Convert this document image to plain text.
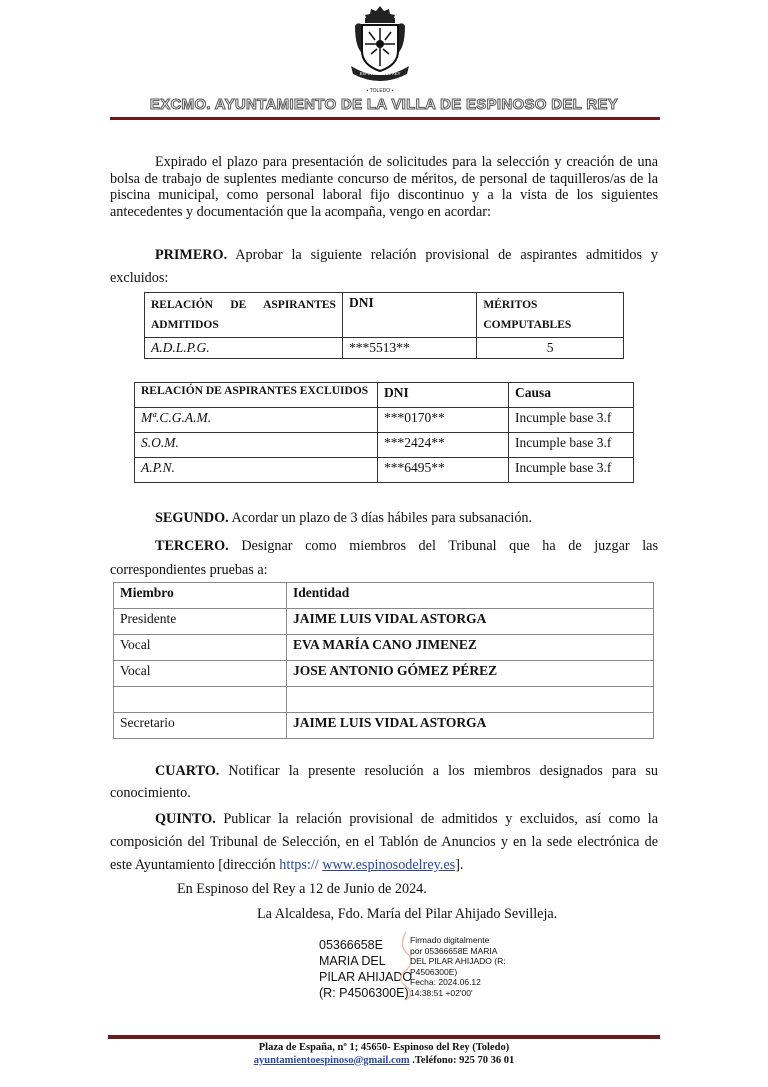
ESPINOSO DEL REY
• TOLEDO •
EXCMO. AYUNTAMIENTO DE LA VILLA DE ESPINOSO DEL REY

Expirado el plazo para presentación de solicitudes para la selección y creación de una bolsa de trabajo de suplentes mediante concurso de méritos, de personal de taquilleros/as de la piscina municipal, como personal laboral fijo discontinuo y a la vista de los siguientes antecedentes y documentación que la acompaña, vengo en acordar:

PRIMERO. Aprobar la siguiente relación provisional de aspirantes admitidos y excluidos:

RELACIÓN DE ASPIRANTES ADMITIDOS	DNI	MÉRITOS COMPUTABLES
A.D.L.P.G.	***5513**	5
RELACIÓN DE ASPIRANTES EXCLUIDOS	DNI	Causa
Mª.C.G.A.M.	***0170**	Incumple base 3.f
S.O.M.	***2424**	Incumple base 3.f
A.P.N.	***6495**	Incumple base 3.f

SEGUNDO. Acordar un plazo de 3 días hábiles para subsanación.

TERCERO. Designar como miembros del Tribunal que ha de juzgar las correspondientes pruebas a:

Miembro	Identidad
Presidente	JAIME LUIS VIDAL ASTORGA
Vocal	EVA MARÍA CANO JIMENEZ
Vocal	JOSE ANTONIO GÓMEZ PÉREZ

Secretario	JAIME LUIS VIDAL ASTORGA

CUARTO. Notificar la presente resolución a los miembros designados para su conocimiento.

QUINTO. Publicar la relación provisional de admitidos y excluidos, así como la composición del Tribunal de Selección, en el Tablón de Anuncios y en la sede electrónica de este Ayuntamiento [dirección https:// www.espinosodelrey.es].

En Espinoso del Rey a 12 de Junio de 2024.

La Alcaldesa, Fdo. María del Pilar Ahijado Sevilleja.

05366658E
MARIA DEL
PILAR AHIJADO
(R: P4506300E)
Firmado digitalmente
por 05366658E MARIA
DEL PILAR AHIJADO (R:
P4506300E)
Fecha: 2024.06.12
14:38:51 +02'00'
Plaza de España, nº 1; 45650- Espinoso del Rey (Toledo)
ayuntamientoespinoso@gmail.com .Teléfono: 925 70 36 01
